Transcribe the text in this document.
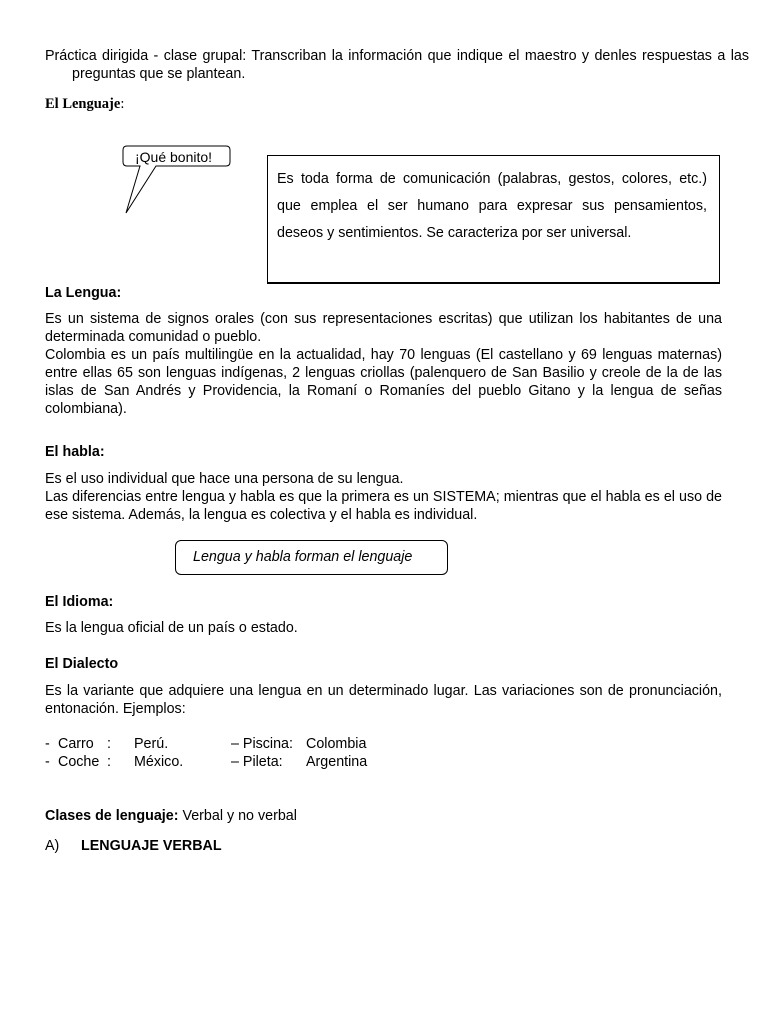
Práctica dirigida - clase grupal: Transcriban la información que indique el maestro y denles respuestas a las preguntas que se plantean.
El Lenguaje:
¡Qué bonito!
Es toda forma de comunicación (palabras, gestos, colores, etc.) que emplea el ser humano para expresar sus pensamientos, deseos y sentimientos. Se caracteriza por ser universal.
La Lengua:
Es un sistema de signos orales (con sus representaciones escritas) que utilizan los habitantes de una determinada comunidad o pueblo.
Colombia es un país multilingüe en la actualidad, hay 70 lenguas (El castellano y 69 lenguas maternas) entre ellas 65 son lenguas indígenas, 2 lenguas criollas (palenquero de San Basilio y creole de la de las islas de San Andrés y Providencia, la Romaní o Romaníes del pueblo Gitano y la lengua de señas colombiana).
El habla:
Es el uso individual que hace una persona de su lengua.
Las diferencias entre lengua y habla es que la primera es un SISTEMA; mientras que el habla es el uso de ese sistema. Además, la lengua es colectiva y el habla es individual.
Lengua y habla forman el lenguaje
El Idioma:
Es la lengua oficial de un país o estado.
El Dialecto
Es la variante que adquiere una lengua en un determinado lugar. Las variaciones son de pronunciación, entonación. Ejemplos:
- Carro : Perú.	– Piscina: Colombia
- Coche : México.	– Pileta: Argentina
Clases de lenguaje: Verbal y no verbal
A) LENGUAJE VERBAL
